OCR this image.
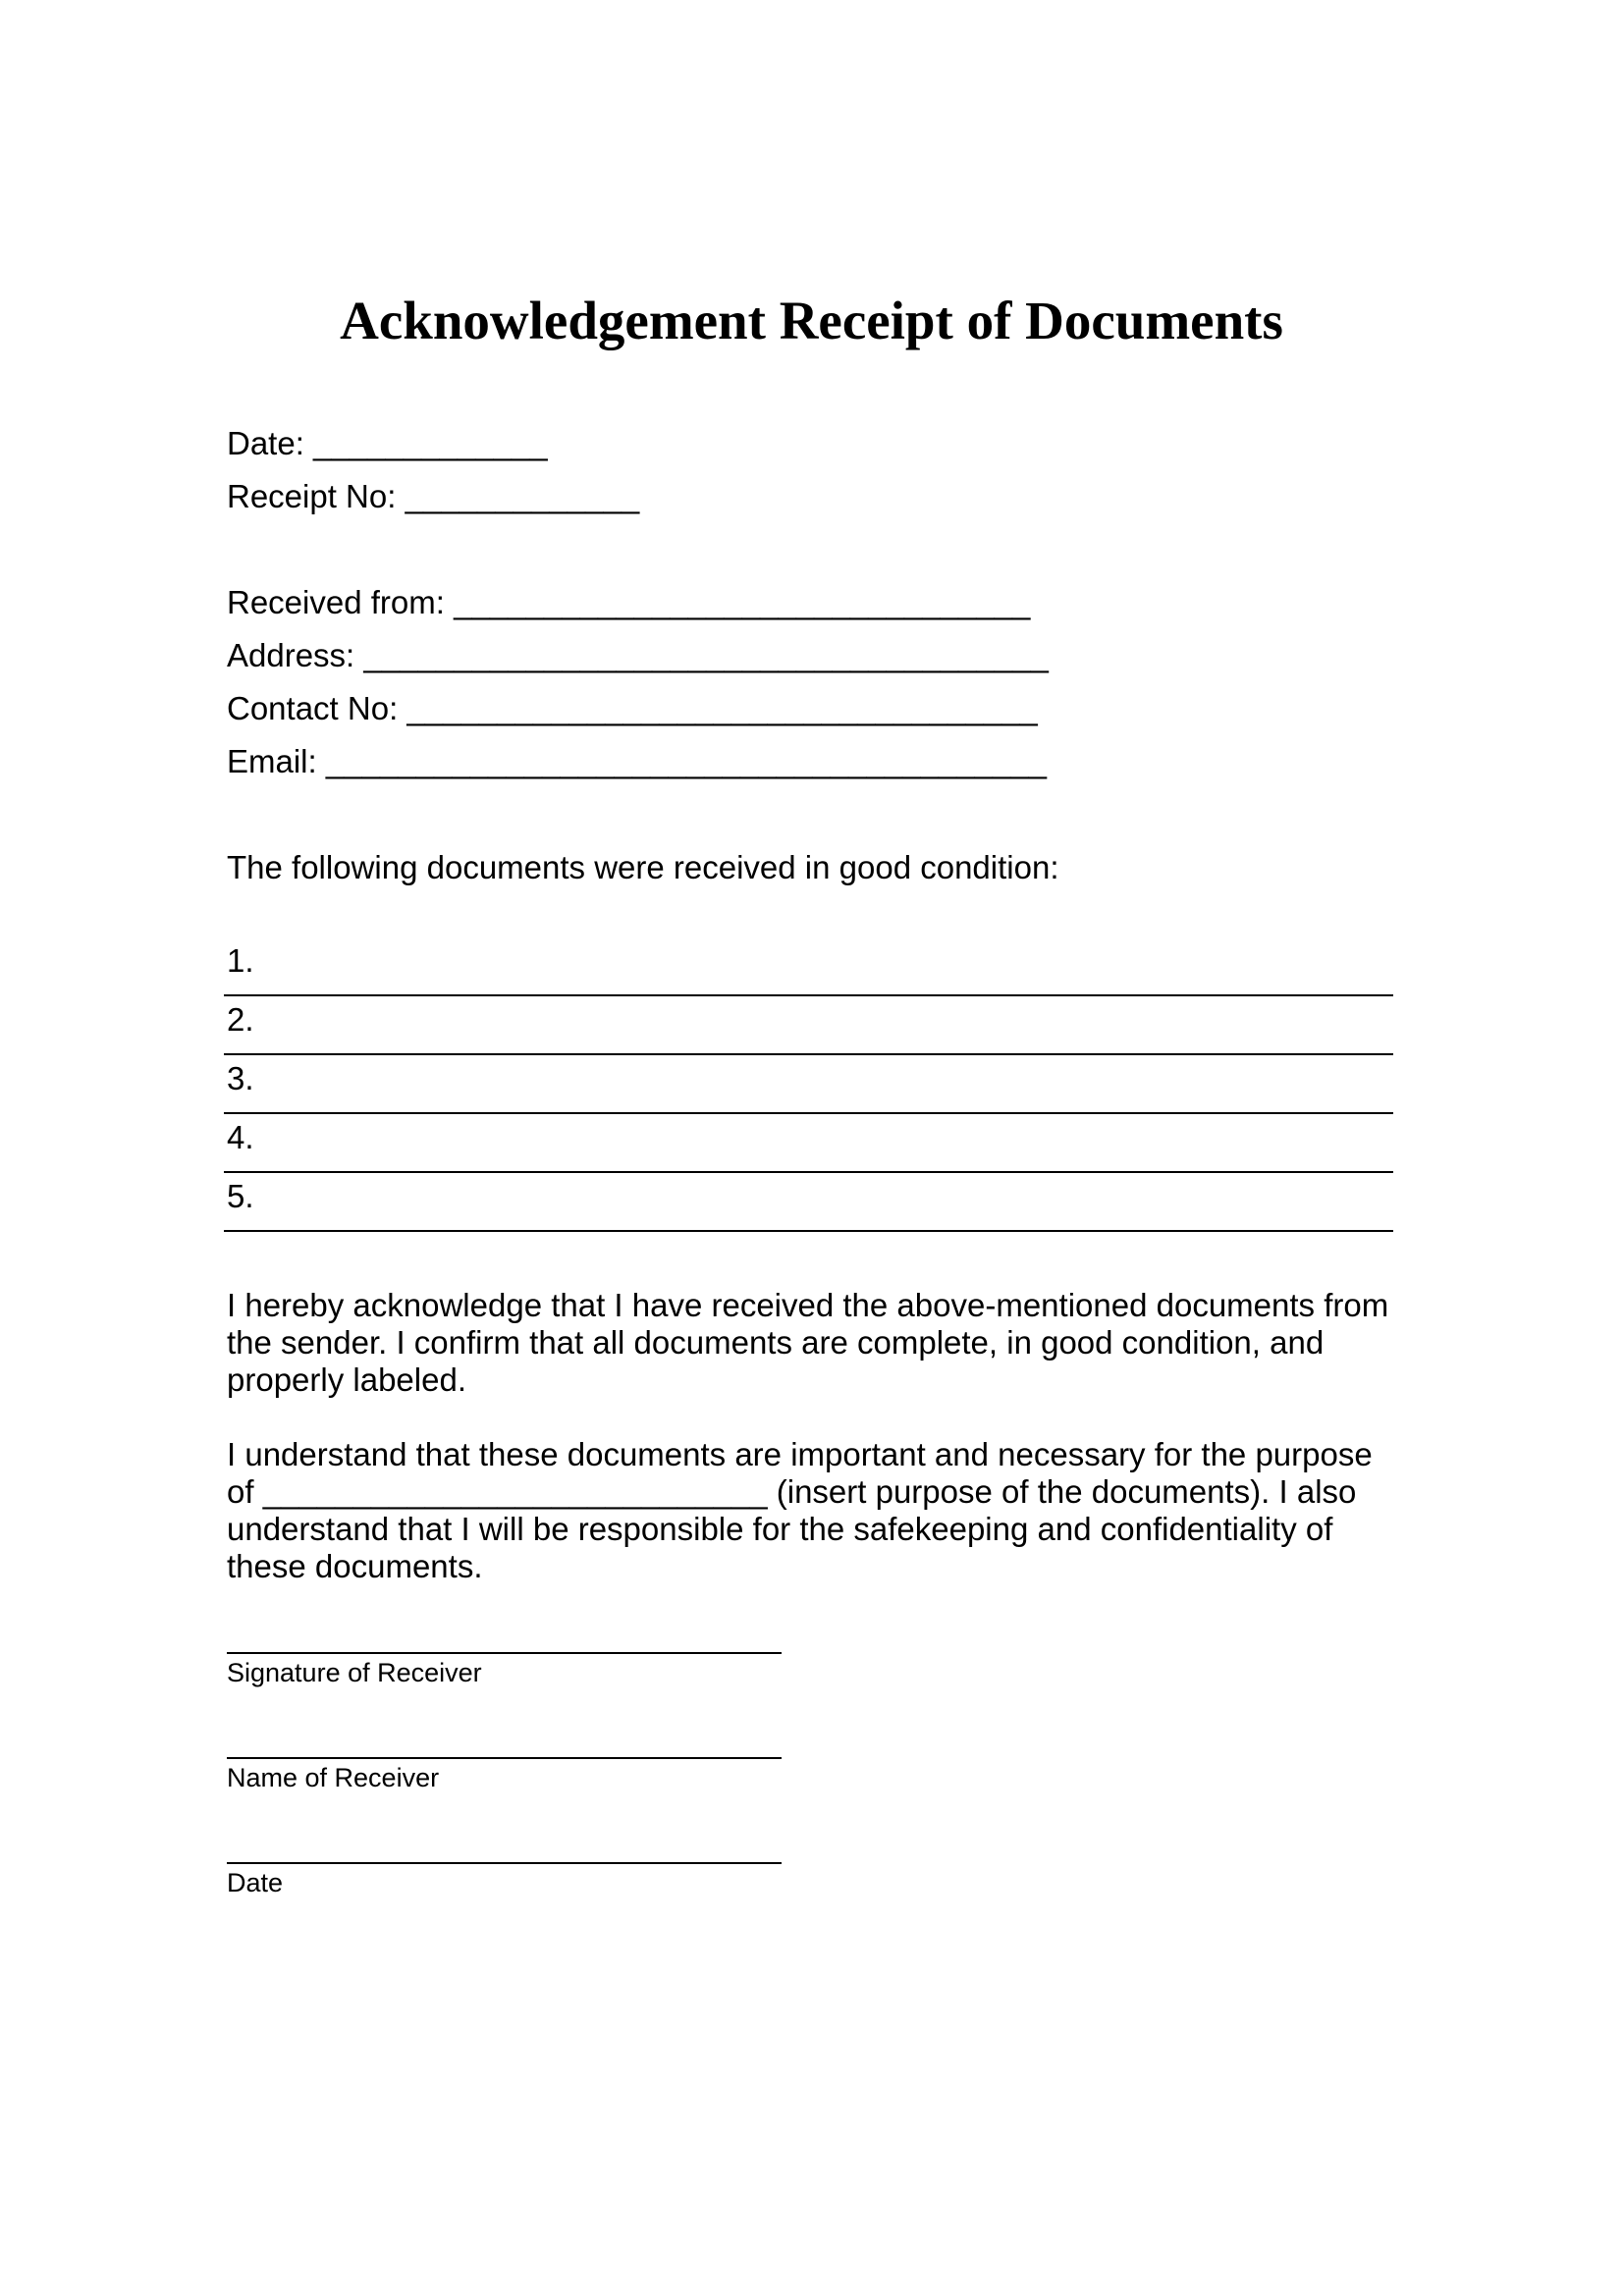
Acknowledgement Receipt of Documents
Date: _____________
Receipt No: _____________
Received from: ________________________________
Address: ______________________________________
Contact No: ___________________________________
Email: ________________________________________
The following documents were received in good condition:
1.
2.
3.
4.
5.

I hereby acknowledge that I have received the above-mentioned documents from the sender. I confirm that all documents are complete, in good condition, and properly labeled.

I understand that these documents are important and necessary for the purpose of ____________________________ (insert purpose of the documents). I also understand that I will be responsible for the safekeeping and confidentiality of these documents.

Signature of Receiver
Name of Receiver
Date
